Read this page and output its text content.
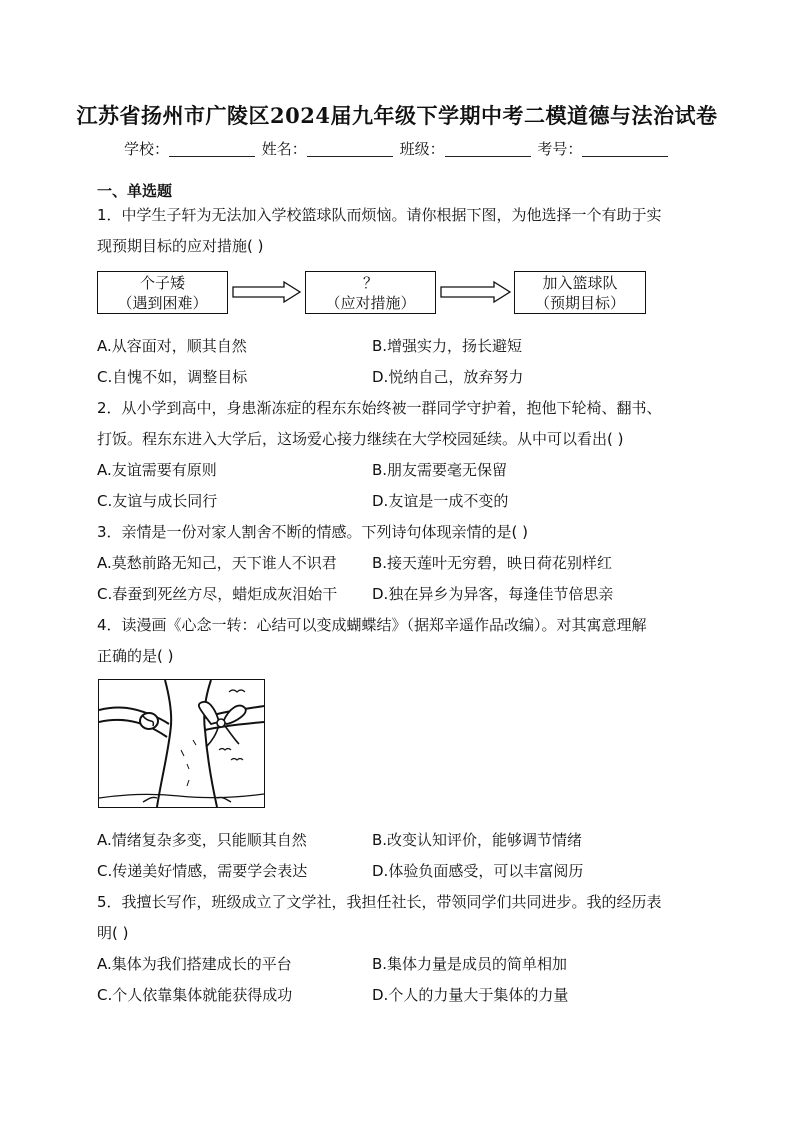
江苏省扬州市广陵区2024届九年级下学期中考二模道德与法治试卷
学校：	姓名：	班级：	考号：
一、单选题
1．中学生子轩为无法加入学校篮球队而烦恼。请你根据下图，为他选择一个有助于实
现预期目标的应对措施( )
个子矮
（遇到困难）
？
（应对措施）
加入篮球队
（预期目标）
A.从容面对，顺其自然	B.增强实力，扬长避短
C.自愧不如，调整目标	D.悦纳自己，放弃努力
2．从小学到高中，身患渐冻症的程东东始终被一群同学守护着，抱他下轮椅、翻书、
打饭。程东东进入大学后，这场爱心接力继续在大学校园延续。从中可以看出( )
A.友谊需要有原则	B.朋友需要毫无保留
C.友谊与成长同行	D.友谊是一成不变的
3．亲情是一份对家人割舍不断的情感。下列诗句体现亲情的是( )
A.莫愁前路无知己，天下谁人不识君 B.接天莲叶无穷碧，映日荷花别样红
C.春蚕到死丝方尽，蜡炬成灰泪始干 D.独在异乡为异客，每逢佳节倍思亲
4．读漫画《心念一转：心结可以变成蝴蝶结》（据郑辛遥作品改编）。对其寓意理解
正确的是( )
A.情绪复杂多变，只能顺其自然	B.改变认知评价，能够调节情绪
C.传递美好情感，需要学会表达	D.体验负面感受，可以丰富阅历
5．我擅长写作，班级成立了文学社，我担任社长，带领同学们共同进步。我的经历表
明( )
A.集体为我们搭建成长的平台	B.集体力量是成员的简单相加
C.个人依靠集体就能获得成功	D.个人的力量大于集体的力量
